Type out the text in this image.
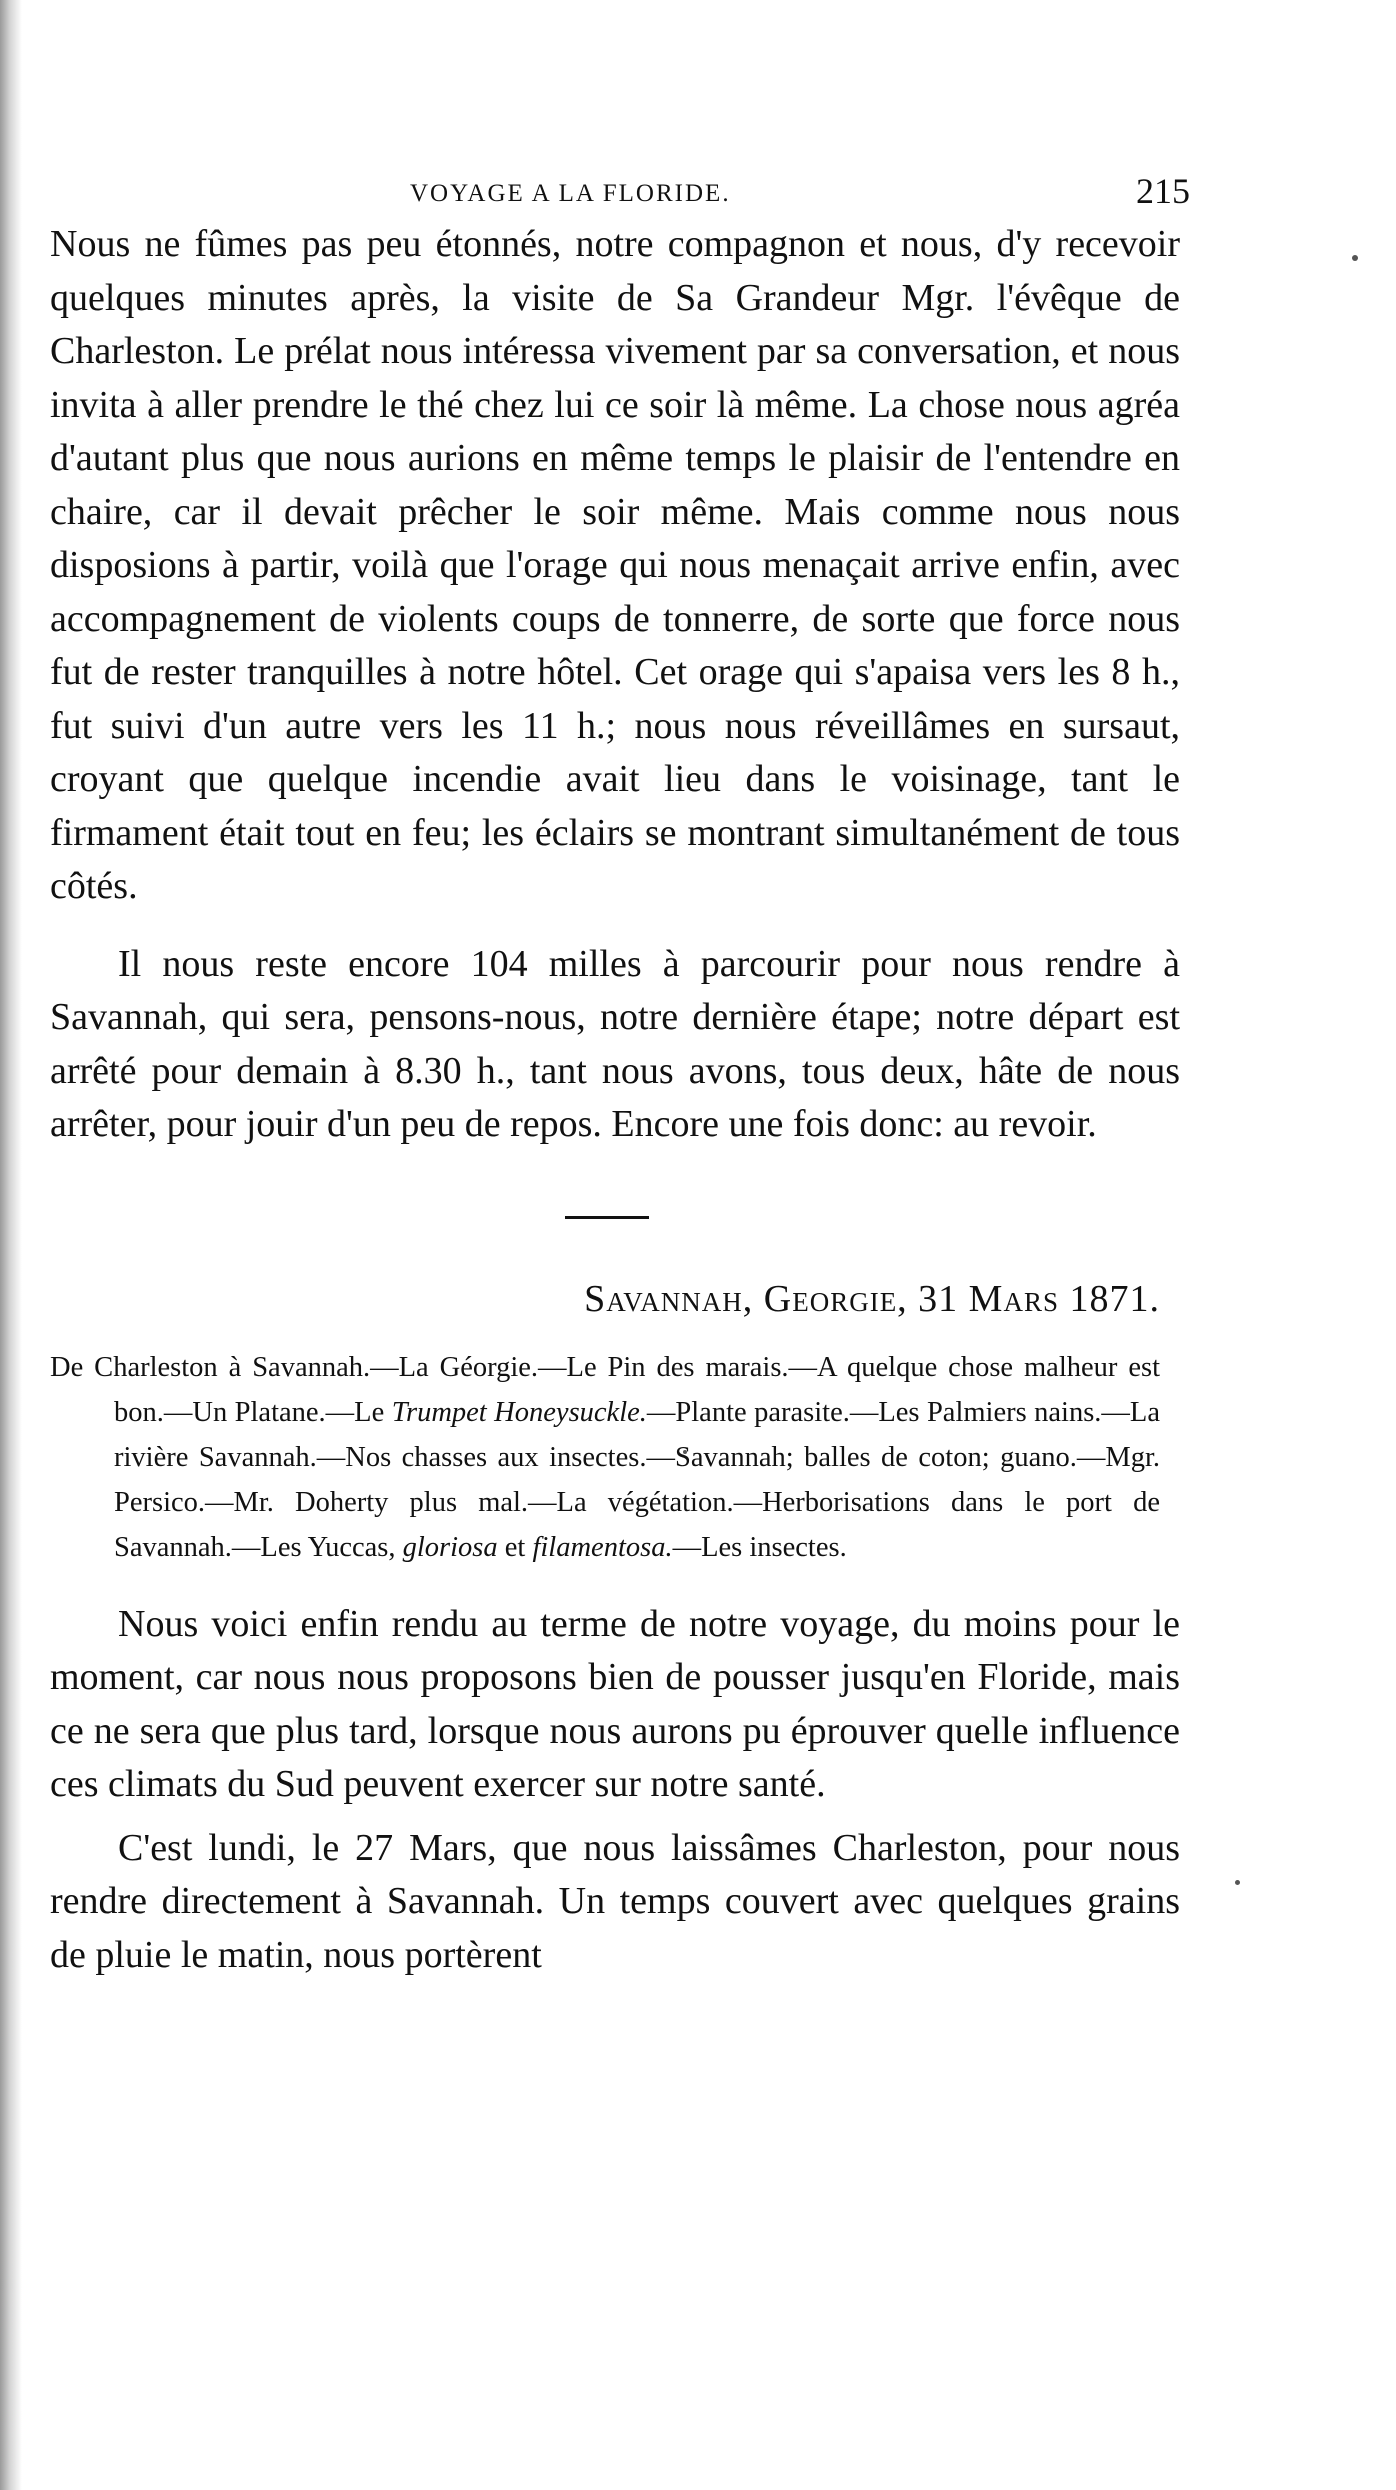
VOYAGE A LA FLORIDE.	215

Nous ne fûmes pas peu étonnés, notre compagnon et nous, d'y recevoir quelques minutes après, la visite de Sa Grandeur Mgr. l'évêque de Charleston. Le prélat nous intéressa vivement par sa conversation, et nous invita à aller prendre le thé chez lui ce soir là même. La chose nous agréa d'autant plus que nous aurions en même temps le plaisir de l'entendre en chaire, car il devait prêcher le soir même. Mais comme nous nous disposions à partir, voilà que l'orage qui nous menaçait arrive enfin, avec accompagnement de violents coups de tonnerre, de sorte que force nous fut de rester tranquilles à notre hôtel. Cet orage qui s'apaisa vers les 8 h., fut suivi d'un autre vers les 11 h.; nous nous réveillâmes en sursaut, croyant que quelque incendie avait lieu dans le voisinage, tant le firmament était tout en feu; les éclairs se montrant simultanément de tous côtés.

Il nous reste encore 104 milles à parcourir pour nous rendre à Savannah, qui sera, pensons-nous, notre dernière étape; notre départ est arrêté pour demain à 8.30 h., tant nous avons, tous deux, hâte de nous arrêter, pour jouir d'un peu de repos. Encore une fois donc: au revoir.

Savannah, Georgie, 31 Mars 1871.

De Charleston à Savannah.—La Géorgie.—Le Pin des marais.—A quelque chose malheur est bon.—Un Platane.—Le Trumpet Honeysuckle.—Plante parasite.—Les Palmiers nains.—La rivière Savannah.—Nos chasses aux insectes.—Savannah; balles de coton; guano.—Mgr. Persico.—Mr. Doherty plus mal.—La végétation.—Herborisations dans le port de Savannah.—Les Yuccas, gloriosa et filamentosa.—Les insectes.

Nous voici enfin rendu au terme de notre voyage, du moins pour le moment, car nous nous proposons bien de pousser jusqu'en Floride, mais ce ne sera que plus tard, lorsque nous aurons pu éprouver quelle influence ces climats du Sud peuvent exercer sur notre santé.

C'est lundi, le 27 Mars, que nous laissâmes Charleston, pour nous rendre directement à Savannah. Un temps couvert avec quelques grains de pluie le matin, nous portèrent
